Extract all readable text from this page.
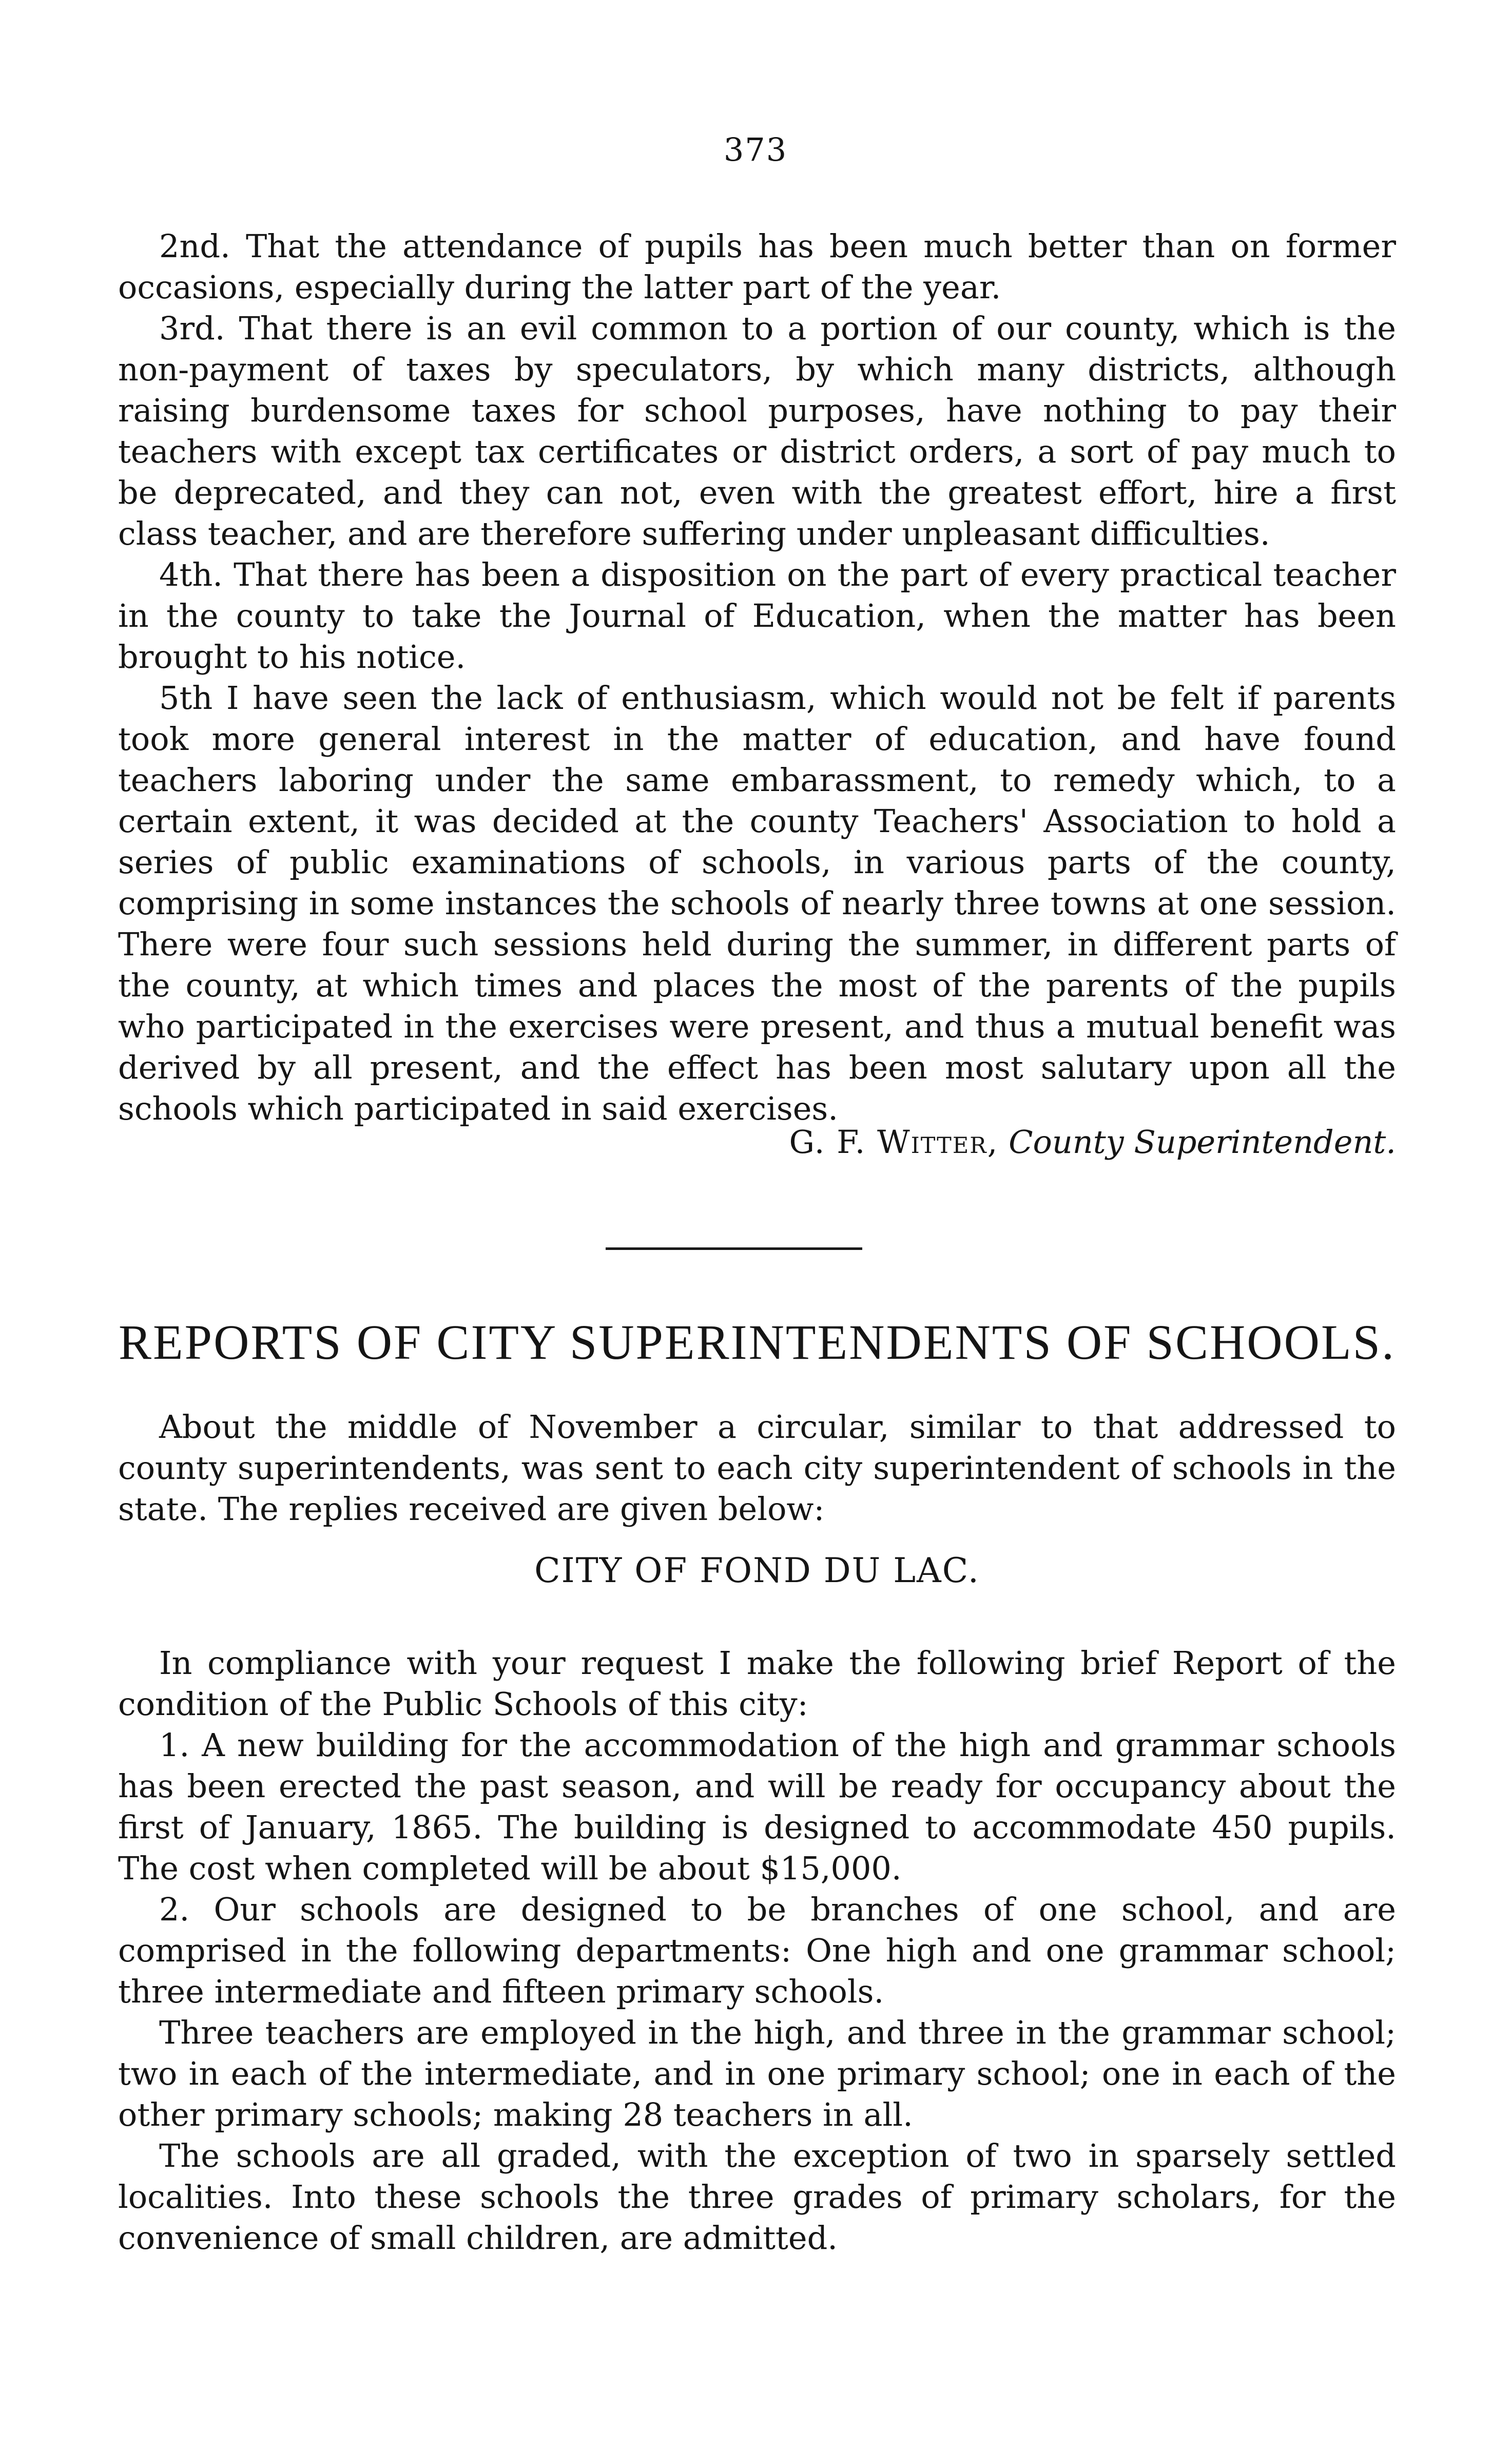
373

2nd. That the attendance of pupils has been much better than on former occasions, especially during the latter part of the year.

3rd. That there is an evil common to a portion of our county, which is the non-payment of taxes by speculators, by which many districts, although raising burdensome taxes for school purposes, have nothing to pay their teachers with except tax certificates or district orders, a sort of pay much to be deprecated, and they can not, even with the greatest effort, hire a first class teacher, and are therefore suffering under unpleasant difficulties.

4th. That there has been a disposition on the part of every practical teacher in the county to take the Journal of Education, when the matter has been brought to his notice.

5th I have seen the lack of enthusiasm, which would not be felt if parents took more general interest in the matter of education, and have found teachers laboring under the same embarassment, to remedy which, to a certain extent, it was decided at the county Teachers' Association to hold a series of public examinations of schools, in various parts of the county, comprising in some instances the schools of nearly three towns at one session. There were four such sessions held during the summer, in different parts of the county, at which times and places the most of the parents of the pupils who participated in the exercises were present, and thus a mutual benefit was derived by all present, and the effect has been most salutary upon all the schools which participated in said exercises.

G. F. Witter, County Superintendent.
REPORTS OF CITY SUPERINTENDENTS OF SCHOOLS.

About the middle of November a circular, similar to that addressed to county superintendents, was sent to each city superintendent of schools in the state. The replies received are given below:

CITY OF FOND DU LAC.

In compliance with your request I make the following brief Report of the condition of the Public Schools of this city:

1. A new building for the accommodation of the high and grammar schools has been erected the past season, and will be ready for occupancy about the first of January, 1865. The building is designed to accommodate 450 pupils. The cost when completed will be about $15,000.

2. Our schools are designed to be branches of one school, and are comprised in the following departments: One high and one grammar school; three intermediate and fifteen primary schools.

Three teachers are employed in the high, and three in the grammar school; two in each of the intermediate, and in one primary school; one in each of the other primary schools; making 28 teachers in all.

The schools are all graded, with the exception of two in sparsely settled localities. Into these schools the three grades of primary scholars, for the convenience of small children, are admitted.
